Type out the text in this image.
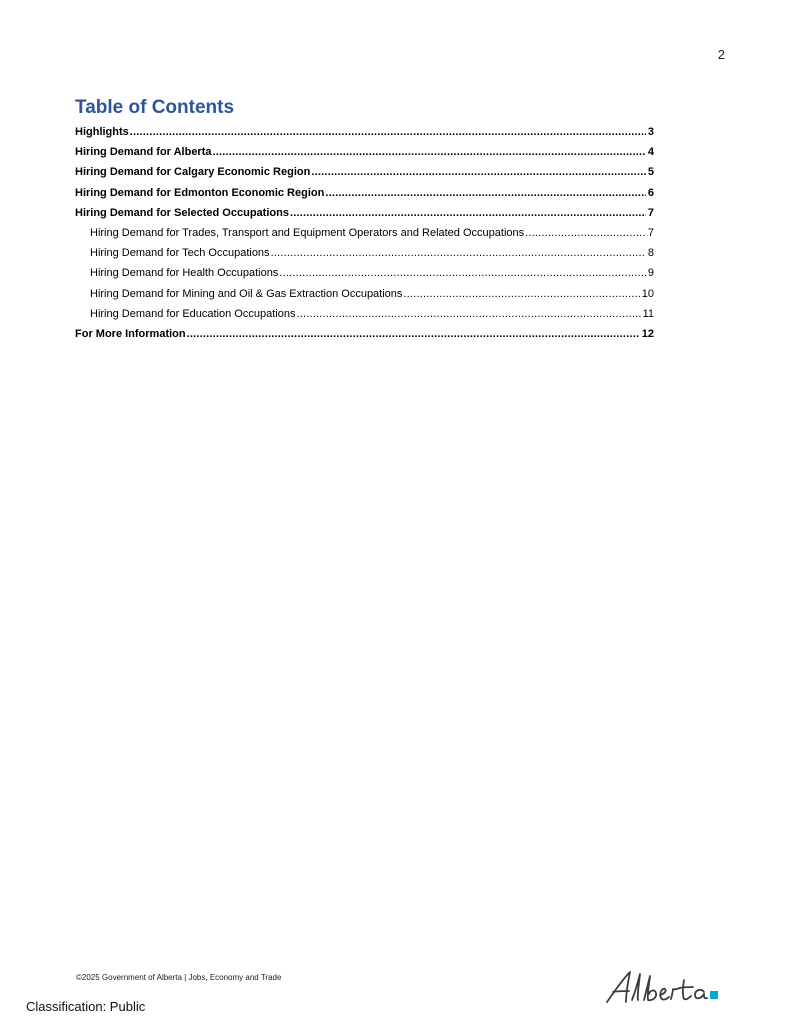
2
Table of Contents
Highlights .....	3
Hiring Demand for Alberta .....	4
Hiring Demand for Calgary Economic Region .....	5
Hiring Demand for Edmonton Economic Region .....	6
Hiring Demand for Selected Occupations .....	7
Hiring Demand for Trades, Transport and Equipment Operators and Related Occupations .....	7
Hiring Demand for Tech Occupations .....	8
Hiring Demand for Health Occupations .....	9
Hiring Demand for Mining and Oil & Gas Extraction Occupations .....	10
Hiring Demand for Education Occupations .....	11
For More Information .....	12
©2025 Government of Alberta | Jobs, Economy and Trade
Classification: Public
